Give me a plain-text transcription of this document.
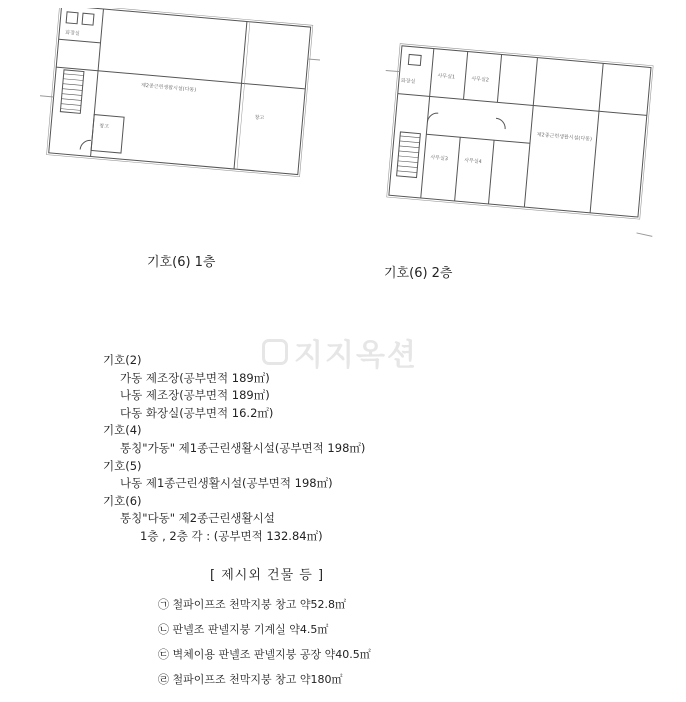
화장실
제2종근린생활시설(다동)
창고
창고
화장실
사무실1	사무실2
제2종근린생활시설(다동)
사무실3	사무실4
기호(6) 1층
기호(6) 2층
지지옥션
기호(2)
가동 제조장(공부면적 189㎡)
나동 제조장(공부면적 189㎡)
다동 화장실(공부면적 16.2㎡)
기호(4)
통칭"가동" 제1종근린생활시설(공부면적 198㎡)
기호(5)
나동 제1종근린생활시설(공부면적 198㎡)
기호(6)
통칭"다동" 제2종근린생활시설
1층 , 2층 각 : (공부면적 132.84㎡)
[ 제시외 건물 등 ]
㉠ 철파이프조 천막지붕 창고 약52.8㎡
㉡ 판넬조 판넬지붕 기계실 약4.5㎡
㉢ 벽체이용 판넬조 판넬지붕 공장 약40.5㎡
㉣ 철파이프조 천막지붕 창고 약180㎡
